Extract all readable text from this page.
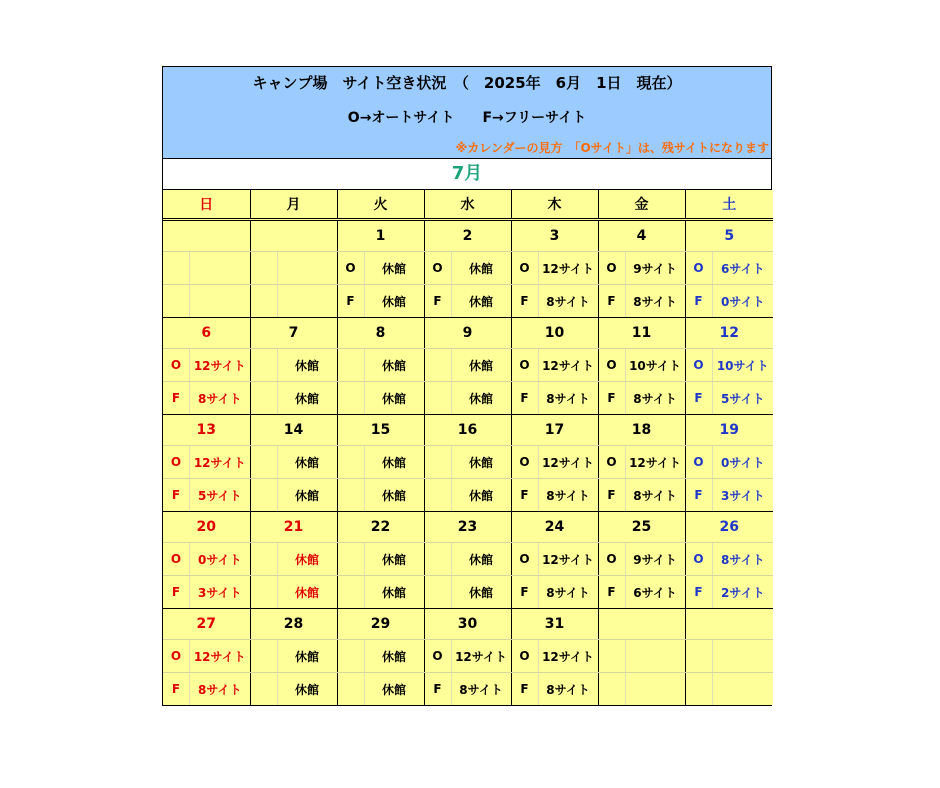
キャンプ場　サイト空き状況　（　2025年　6月　1日　現在）
O→オートサイト　　F→フリーサイト
※カレンダーの見方　「Oサイト」は、残サイトになります
7月
日	月	火	水	木	金	土
		1	2	3	4	5

		O 休館	O 休館	O 12サイト	O 9サイト	O 6サイト

		F 休館	F 休館	F 8サイト	F 8サイト	F 0サイト

6	7	8	9	10	11	12

O 12サイト	休館	休館	休館	O 12サイト	O 10サイト	O 10サイト

F 8サイト	休館	休館	休館	F 8サイト	F 8サイト	F 5サイト

13	14	15	16	17	18	19

O 12サイト	休館	休館	休館	O 12サイト	O 12サイト	O 0サイト

F 5サイト	休館	休館	休館	F 8サイト	F 8サイト	F 3サイト

20	21	22	23	24	25	26

O 0サイト	休館	休館	休館	O 12サイト	O 9サイト	O 8サイト

F 3サイト	休館	休館	休館	F 8サイト	F 6サイト	F 2サイト

27	28	29	30	31		

O 12サイト	休館	休館	O 12サイト	O 12サイト		

F 8サイト	休館	休館	F 8サイト	F 8サイト		
